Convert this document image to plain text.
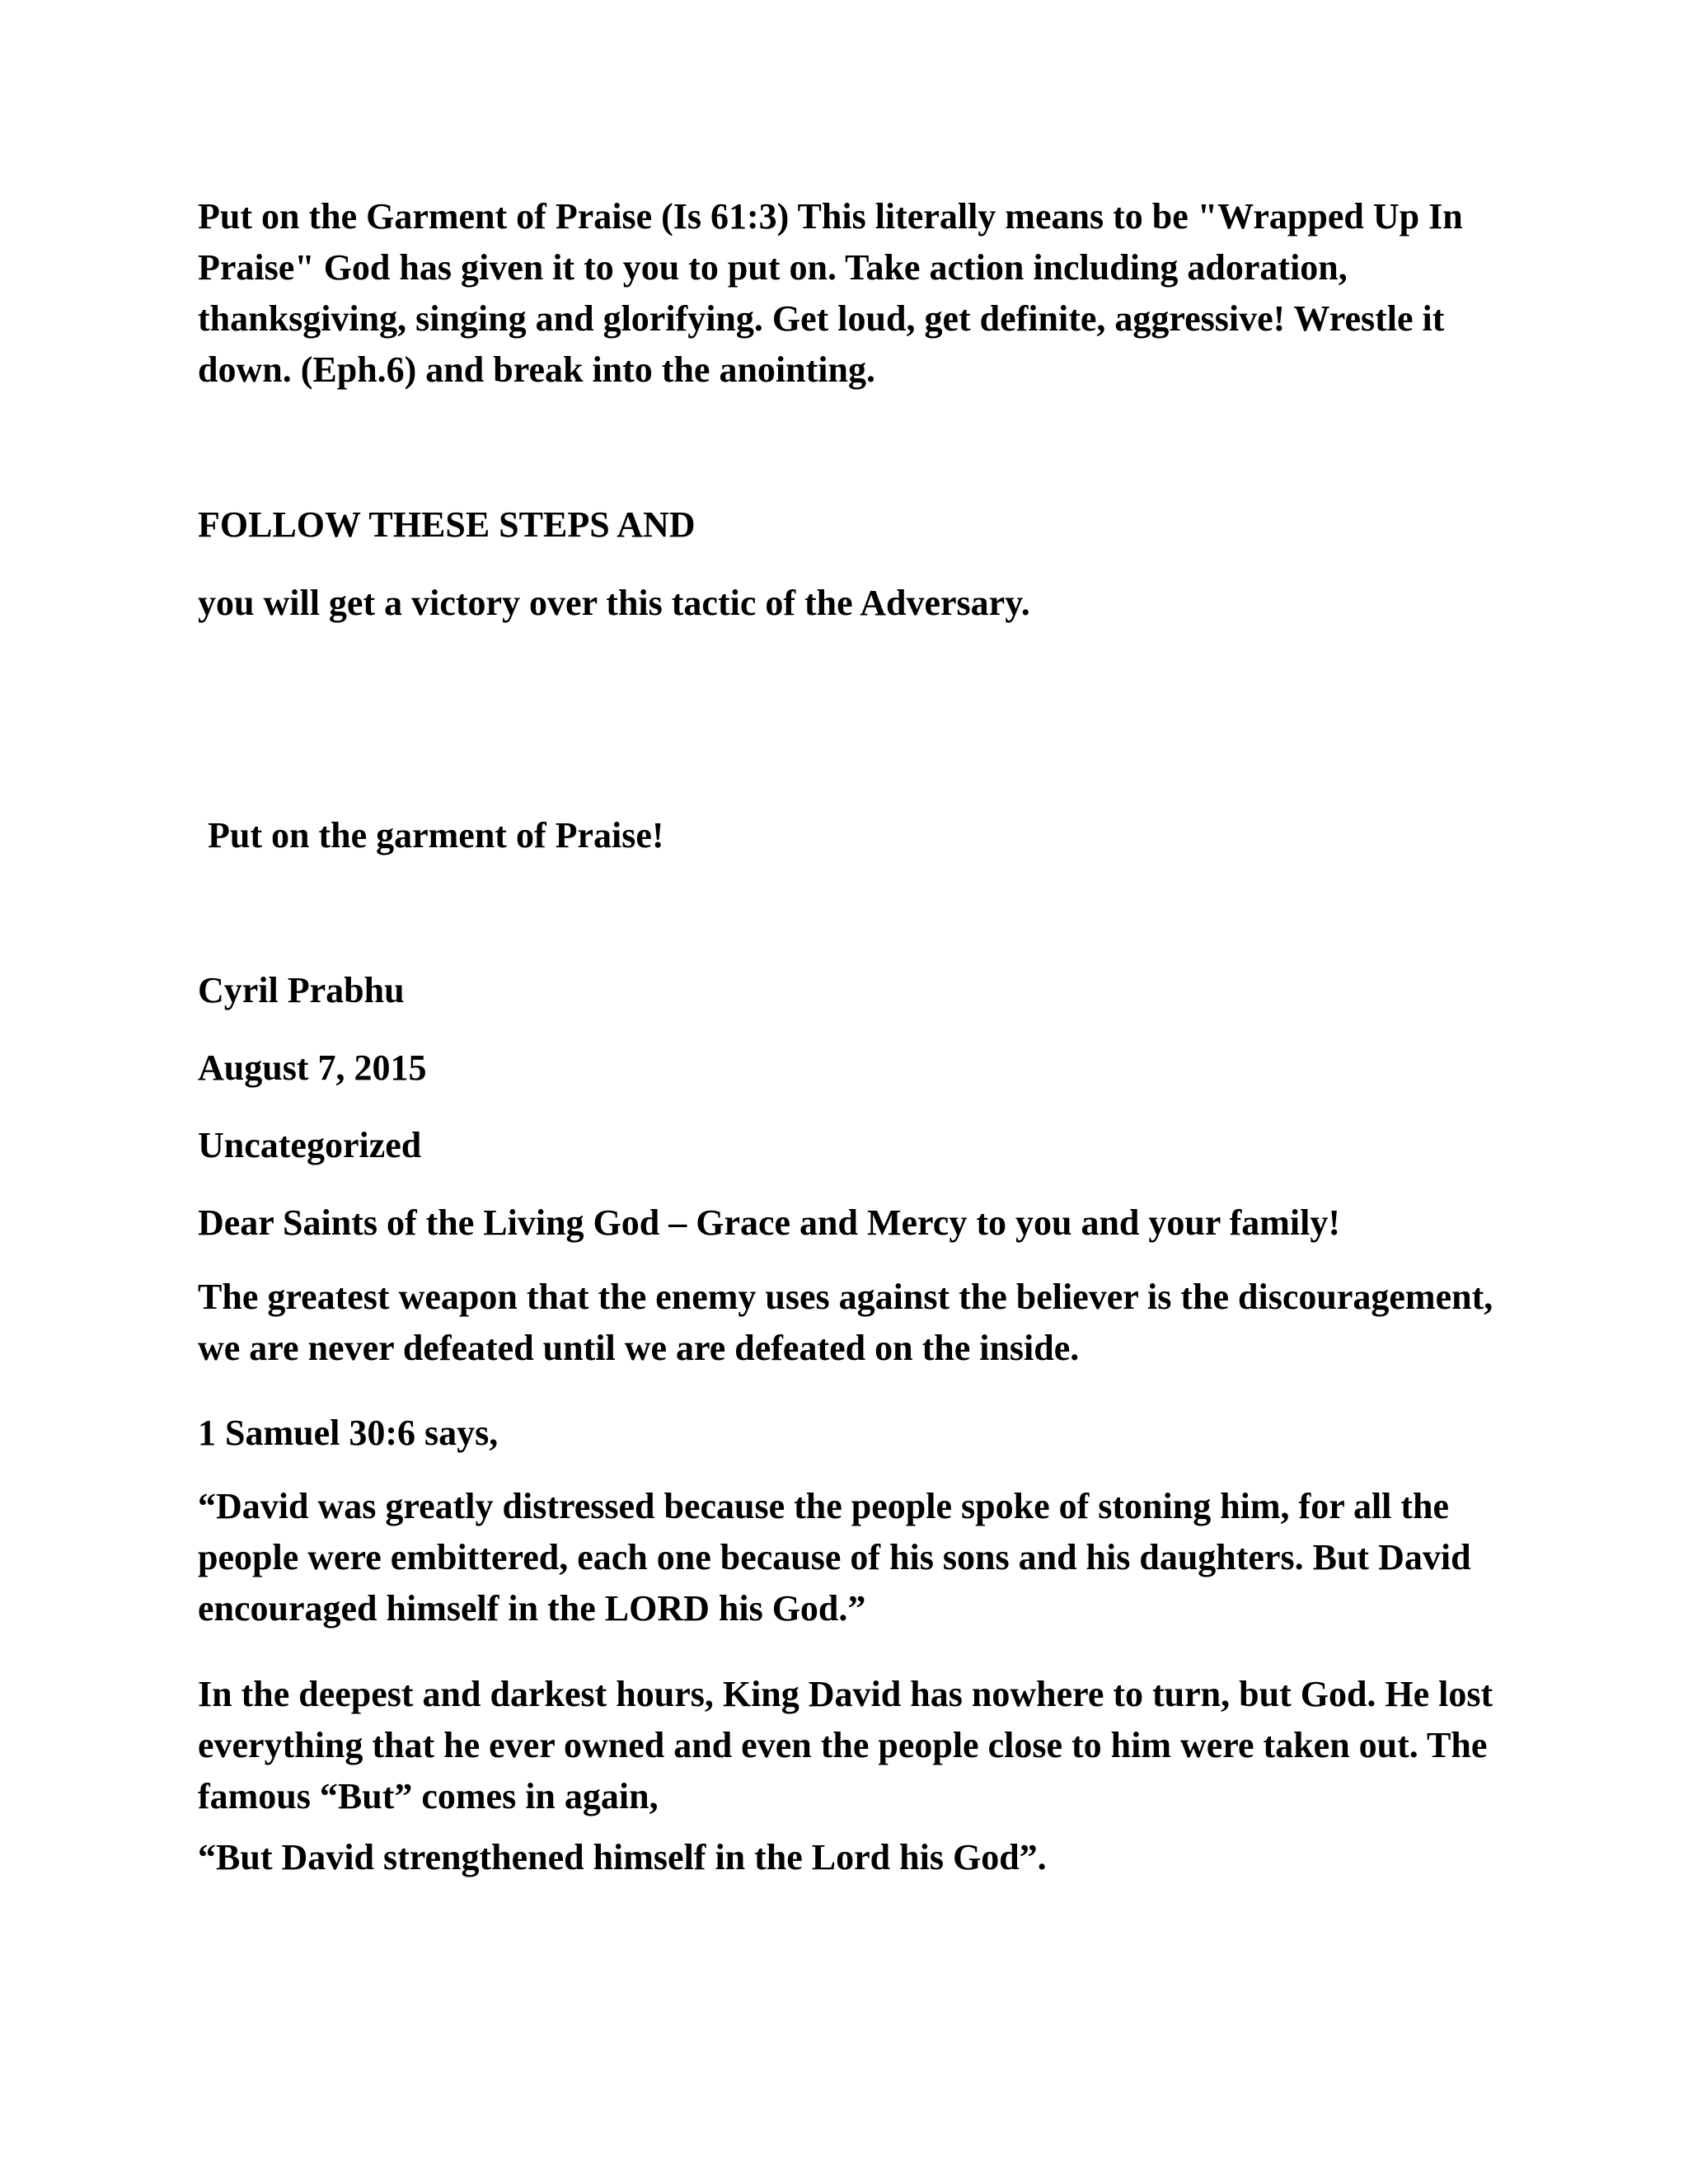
Put on the Garment of Praise (Is 61:3) This literally means to be "Wrapped Up In Praise" God has given it to you to put on. Take action including adoration, thanksgiving, singing and glorifying. Get loud, get definite, aggressive! Wrestle it down. (Eph.6) and break into the anointing.

FOLLOW THESE STEPS AND

you will get a victory over this tactic of the Adversary.

Put on the garment of Praise!

Cyril Prabhu

August 7, 2015

Uncategorized

Dear Saints of the Living God – Grace and Mercy to you and your family!

The greatest weapon that the enemy uses against the believer is the discouragement, we are never defeated until we are defeated on the inside.

1 Samuel 30:6 says,

“David was greatly distressed because the people spoke of stoning him, for all the people were embittered, each one because of his sons and his daughters. But David encouraged himself in the LORD his God.”

In the deepest and darkest hours, King David has nowhere to turn, but God. He lost everything that he ever owned and even the people close to him were taken out. The famous “But” comes in again,

“But David strengthened himself in the Lord his God”.
